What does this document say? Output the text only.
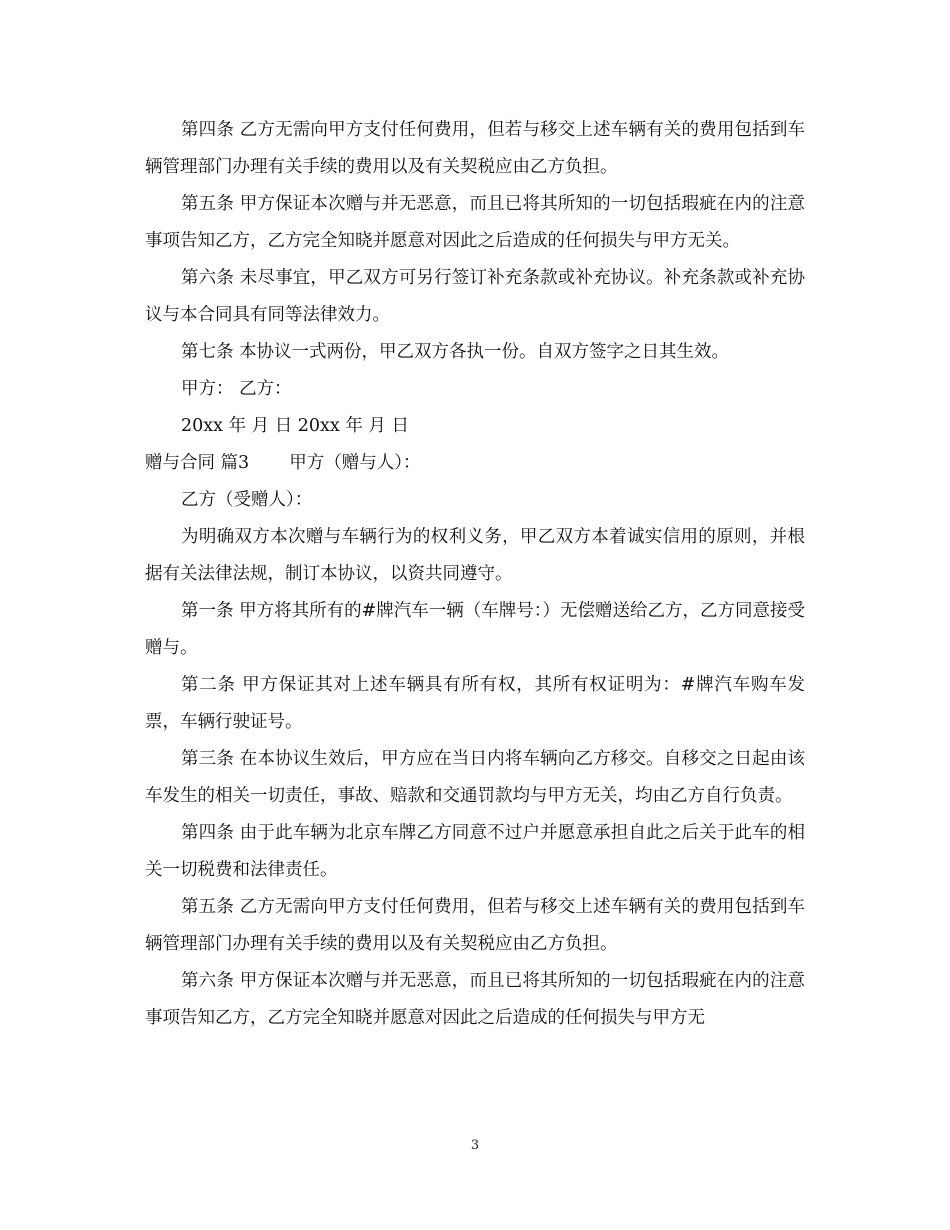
第四条 乙方无需向甲方支付任何费用，但若与移交上述车辆有关的费用包括到车辆管理部门办理有关手续的费用以及有关契税应由乙方负担。

第五条 甲方保证本次赠与并无恶意，而且已将其所知的一切包括瑕疵在内的注意事项告知乙方，乙方完全知晓并愿意对因此之后造成的任何损失与甲方无关。

第六条 未尽事宜，甲乙双方可另行签订补充条款或补充协议。补充条款或补充协议与本合同具有同等法律效力。

第七条 本协议一式两份，甲乙双方各执一份。自双方签字之日其生效。

甲方： 乙方：

20xx 年 月 日 20xx 年 月 日

赠与合同 篇3 甲方（赠与人）：

乙方（受赠人）：

为明确双方本次赠与车辆行为的权利义务，甲乙双方本着诚实信用的原则，并根据有关法律法规，制订本协议，以资共同遵守。

第一条 甲方将其所有的#牌汽车一辆（车牌号：）无偿赠送给乙方，乙方同意接受赠与。

第二条 甲方保证其对上述车辆具有所有权，其所有权证明为：#牌汽车购车发票，车辆行驶证号。

第三条 在本协议生效后，甲方应在当日内将车辆向乙方移交。自移交之日起由该车发生的相关一切责任，事故、赔款和交通罚款均与甲方无关，均由乙方自行负责。

第四条 由于此车辆为北京车牌乙方同意不过户并愿意承担自此之后关于此车的相关一切税费和法律责任。

第五条 乙方无需向甲方支付任何费用，但若与移交上述车辆有关的费用包括到车辆管理部门办理有关手续的费用以及有关契税应由乙方负担。

第六条 甲方保证本次赠与并无恶意，而且已将其所知的一切包括瑕疵在内的注意事项告知乙方，乙方完全知晓并愿意对因此之后造成的任何损失与甲方无

3
